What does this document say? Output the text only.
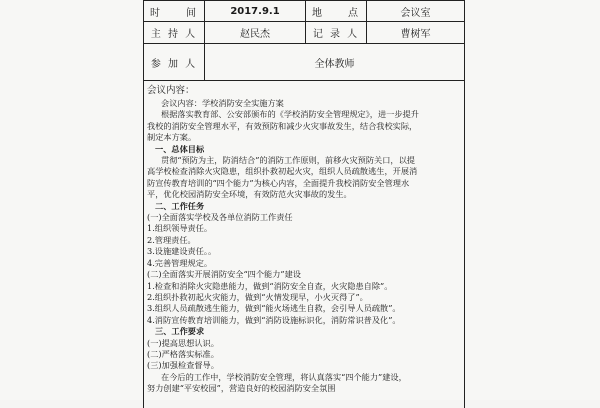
时　　间	2017.9.1	地　　点	会议室
主 持 人	赵民杰	记 录 人	曹树军
参 加 人	全体教师		
会议内容：
会议内容：学校消防安全实施方案
根据落实教育部、公安部颁布的《学校消防安全管理规定》，进一步提升
我校的消防安全管理水平，有效预防和减少火灾事故发生，结合我校实际，
制定本方案。
一、总体目标
贯彻“预防为主，防消结合”的消防工作原则，前移火灾预防关口，以提
高学校检查消除火灾隐患，组织扑救初起火灾，组织人员疏散逃生，开展消
防宣传教育培训的“四个能力”为核心内容，全面提升我校消防安全管理水
平，优化校园消防安全环境，有效防范火灾事故的发生。
二、工作任务
(一)全面落实学校及各单位消防工作责任
1.组织领导责任。
2.管理责任。
3.设施建设责任。。
4.完善管理规定。
(二)全面落实开展消防安全“四个能力”建设
1.检查和消除火灾隐患能力，做到“消防安全自查，火灾隐患自除”。
2.组织扑救初起火灾能力，做到“火情发现早，小火灭得了”。
3.组织人员疏散逃生能力，做到“能火场逃生自救，会引导人员疏散”。
4.消防宣传教育培训能力，做到“消防设施标识化，消防常识普及化”。
三、工作要求
(一)提高思想认识。
(二)严格落实标准。
(三)加强检查督导。
在今后的工作中，学校消防安全管理，将认真落实“四个能力”建设，
努力创建“平安校园”，营造良好的校园消防安全氛围
